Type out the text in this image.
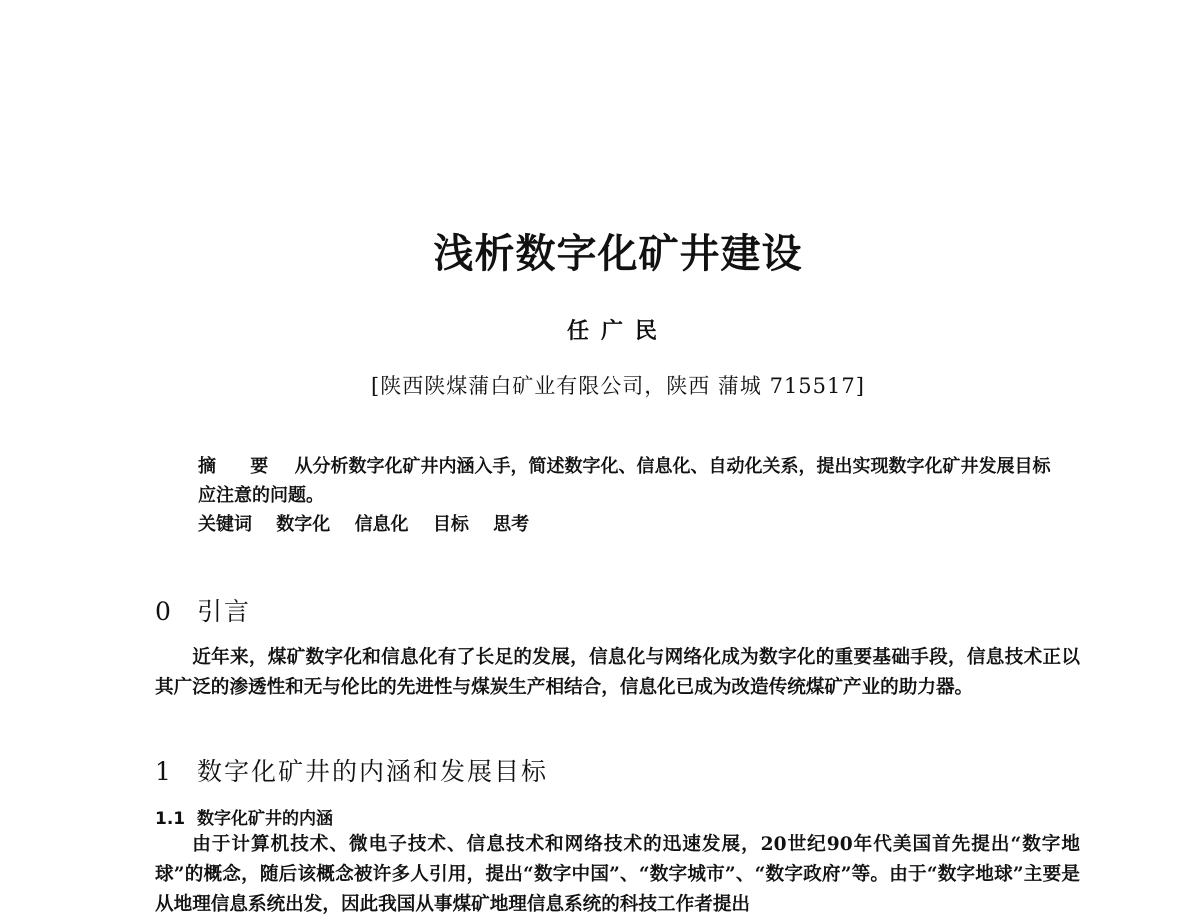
浅析数字化矿井建设
任广民
[陕西陕煤蒲白矿业有限公司，陕西 蒲城 715517]
摘 要 从分析数字化矿井内涵入手，简述数字化、信息化、自动化关系，提出实现数字化矿井发展目标应注意的问题。
关键词 数字化 信息化 目标 思考
0 引言
近年来，煤矿数字化和信息化有了长足的发展，信息化与网络化成为数字化的重要基础手段，信息技术正以其广泛的渗透性和无与伦比的先进性与煤炭生产相结合，信息化已成为改造传统煤矿产业的助力器。
1 数字化矿井的内涵和发展目标
1.1 数字化矿井的内涵
由于计算机技术、微电子技术、信息技术和网络技术的迅速发展，20世纪90年代美国首先提出“数字地球”的概念，随后该概念被许多人引用，提出“数字中国”、“数字城市”、“数字政府”等。由于“数字地球”主要是从地理信息系统出发，因此我国从事煤矿地理信息系统的科技工作者提出
